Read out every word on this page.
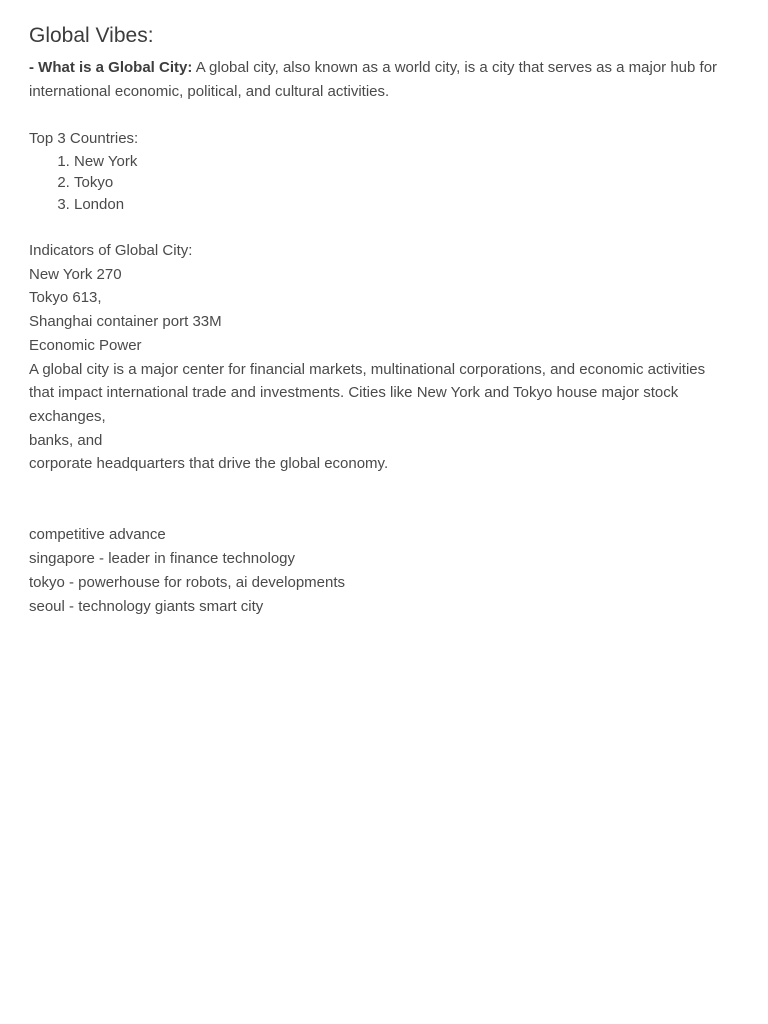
Global Vibes:

- What is a Global City: A global city, also known as a world city, is a city that serves as a major hub for international economic, political, and cultural activities.

Top 3 Countries:

1. New York
2. Tokyo
3. London

Indicators of Global City:

New York 270

Tokyo 613,

Shanghai container port 33M

Economic Power

A global city is a major center for financial markets, multinational corporations, and economic activities that impact international trade and investments. Cities like New York and Tokyo house major stock exchanges,

banks, and

corporate headquarters that drive the global economy.

competitive advance

singapore - leader in finance technology

tokyo - powerhouse for robots, ai developments

seoul - technology giants smart city
